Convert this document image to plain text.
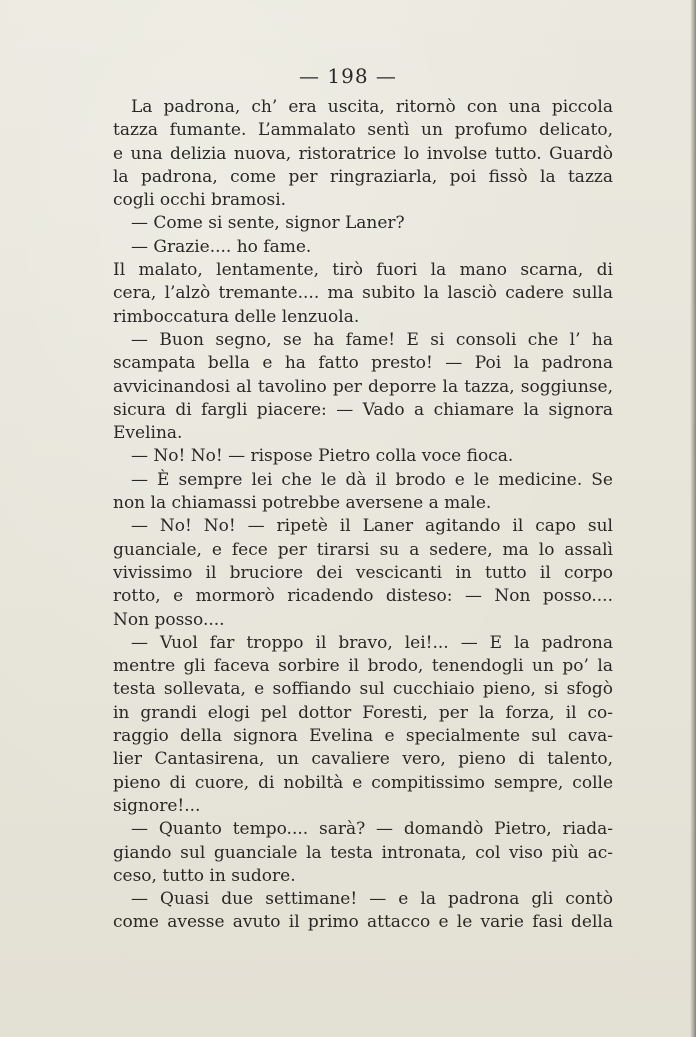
— 198 —
La padrona, ch’ era uscita, ritornò con una piccola
tazza fumante. L’ammalato sentì un profumo delicato,
e una delizia nuova, ristoratrice lo involse tutto. Guardò
la padrona, come per ringraziarla, poi fissò la tazza
cogli occhi bramosi.
— Come si sente, signor Laner?
— Grazie.... ho fame.
Il malato, lentamente, tirò fuori la mano scarna, di
cera, l’alzò tremante.... ma subito la lasciò cadere sulla
rimboccatura delle lenzuola.
— Buon segno, se ha fame! E si consoli che l’ ha
scampata bella e ha fatto presto! — Poi la padrona
avvicinandosi al tavolino per deporre la tazza, soggiunse,
sicura di fargli piacere: — Vado a chiamare la signora
Evelina.
— No! No! — rispose Pietro colla voce fioca.
— È sempre lei che le dà il brodo e le medicine. Se
non la chiamassi potrebbe aversene a male.
— No! No! — ripetè il Laner agitando il capo sul
guanciale, e fece per tirarsi su a sedere, ma lo assalì
vivissimo il bruciore dei vescicanti in tutto il corpo
rotto, e mormorò ricadendo disteso: — Non posso....
Non posso....
— Vuol far troppo il bravo, lei!... — E la padrona
mentre gli faceva sorbire il brodo, tenendogli un po’ la
testa sollevata, e soffiando sul cucchiaio pieno, si sfogò
in grandi elogi pel dottor Foresti, per la forza, il co-
raggio della signora Evelina e specialmente sul cava-
lier Cantasirena, un cavaliere vero, pieno di talento,
pieno di cuore, di nobiltà e compitissimo sempre, colle
signore!...
— Quanto tempo.... sarà? — domandò Pietro, riada-
giando sul guanciale la testa intronata, col viso più ac-
ceso, tutto in sudore.
— Quasi due settimane! — e la padrona gli contò
come avesse avuto il primo attacco e le varie fasi della
